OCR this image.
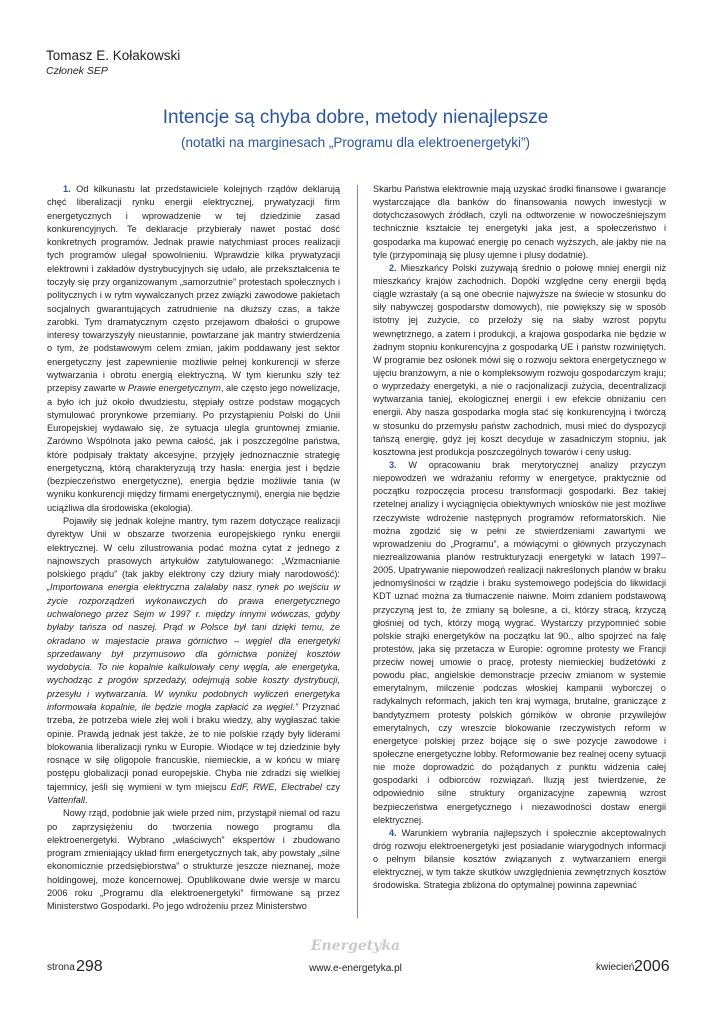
Tomasz E. Kołakowski
Członek SEP
Intencje są chyba dobre, metody nienajlepsze
(notatki na marginesach „Programu dla elektroenergetyki”)

1. Od kilkunastu lat przedstawiciele kolejnych rządów deklarują chęć liberalizacji rynku energii elektrycznej, prywatyzacji firm energetycznych i wprowadzenie w tej dziedzinie zasad konkurencyjnych. Te deklaracje przybierały nawet postać dość konkretnych programów. Jednak prawie natychmiast proces realizacji tych programów ulegał spowolnieniu. Wprawdzie kilka prywatyzacji elektrowni i zakładów dystrybucyjnych się udało, ale przekształcenia te toczyły się przy organizowanym „samorzutnie” protestach społecznych i politycznych i w rytm wywalczanych przez związki zawodowe pakietach socjalnych gwarantujących zatrudnienie na dłuższy czas, a także zarobki. Tym dramatycznym często przejawom dbałości o grupowe interesy towarzyszyły nieustannie, powtarzane jak mantry stwierdzenia o tym, że podstawowym celem zmian, jakim poddawany jest sektor energetyczny jest zapewnienie możliwie pełnej konkurencji w sferze wytwarzania i obrotu energią elektryczną. W tym kierunku szły też przepisy zawarte w Prawie energetycznym, ale często jego nowelizacje, a było ich już około dwudziestu, stępiały ostrze podstaw mogących stymulować prorynkowe przemiany. Po przystąpieniu Polski do Unii Europejskiej wydawało się, że sytuacja ulegla gruntownej zmianie. Zarówno Wspólnota jako pewna całość, jak i poszczególne państwa, które podpisały traktaty akcesyjne, przyjęły jednoznacznie strategię energetyczną, którą charakteryzują trzy hasła: energia jest i będzie (bezpieczeństwo energetyczne), energia będzie możliwie tania (w wyniku konkurencji między firmami energetycznymi), energia nie będzie uciążliwa dla środowiska (ekologia).

Pojawiły się jednak kolejne mantry, tym razem dotyczące realizacji dyrektyw Unii w obszarze tworzenia europejskiego rynku energii elektrycznej. W celu zilustrowania podać można cytat z jednego z najnowszych prasowych artykułów zatytułowanego: „Wzmacnianie polskiego prądu” (tak jakby elektrony czy dziury miały narodowość): „Importowana energia elektryczna zalałaby nasz rynek po wejściu w życie rozporządzeń wykonawczych do prawa energetycznego uchwalonego przez Sejm w 1997 r. między innymi wówczas, gdyby byłaby tańsza od naszej. Prąd w Polsce był tani dzięki temu, że okradano w majestacie prawa górnictwo – węgiel dla energetyki sprzedawany był przymusowo dla górnictwa poniżej kosztów wydobycia. To nie kopalnie kalkulowały ceny węgla, ale energetyka, wychodząc z progów sprzedaży, odejmują sobie koszty dystrybucji, przesyłu i wytwarzania. W wyniku podobnych wyliczeń energetyka informowała kopalnie, ile będzie mogła zapłacić za węgiel.” Przyznać trzeba, że potrzeba wiele złej woli i braku wiedzy, aby wygłaszać takie opinie. Prawdą jednak jest także, że to nie polskie rządy były liderami blokowania liberalizacji rynku w Europie. Wiodące w tej dziedzinie były rosnące w siłę oligopole francuskie, niemieckie, a w końcu w miarę postępu globalizacji ponad europejskie. Chyba nie zdradzi się wielkiej tajemnicy, jeśli się wymieni w tym miejscu EdF, RWE, Electrabel czy Vattenfall.

Nowy rząd, podobnie jak wiele przed nim, przystąpił niemal od razu po zaprzysiężeniu do tworzenia nowego programu dla elektroenergetyki. Wybrano „właściwych” ekspertów i zbudowano program zmieniający układ firm energetycznych tak, aby powstały „silne ekonomicznie przedsiębiorstwa” o strukturze jeszcze nieznanej, może holdingowej, może koncernowej. Opublikowane dwie wersje w marcu 2006 roku „Programu dla elektroenergetyki” firmowane są przez Ministerstwo Gospodarki. Po jego wdrożeniu przez Ministerstwo

Skarbu Państwa elektrownie mają uzyskać środki finansowe i gwarancje wystarczające dla banków do finansowania nowych inwestycji w dotychczasowych źródłach, czyli na odtworzenie w nowocześniejszym technicznie kształcie tej energetyki jaka jest, a społeczeństwo i gospodarka ma kupować energię po cenach wyższych, ale jakby nie na tyle (przypominają się plusy ujemne i plusy dodatnie).

2. Mieszkańcy Polski zużywają średnio o połowę mniej energii niż mieszkańcy krajów zachodnich. Dopóki względne ceny energii będą ciągle wzrastały (a są one obecnie najwyższe na świecie w stosunku do siły nabywczej gospodarstw domowych), nie powiększy się w sposób istotny jej zużycie, co przełoży się na słaby wzrost popytu wewnętrznego, a zatem i produkcji, a krajowa gospodarka nie będzie w żadnym stopniu konkurencyjna z gospodarką UE i państw rozwiniętych. W programie bez osłonek mówi się o rozwoju sektora energetycznego w ujęciu branżowym, a nie o kompleksowym rozwoju gospodarczym kraju; o wyprzedaży energetyki, a nie o racjonalizacji zużycia, decentralizacji wytwarzania taniej, ekologicznej energii i ew efekcie obniżaniu cen energii. Aby nasza gospodarka mogła stać się konkurencyjną i twórczą w stosunku do przemysłu państw zachodnich, musi mieć do dyspozycji tańszą energię, gdyż jej koszt decyduje w zasadniczym stopniu, jak kosztowna jest produkcja poszczególnych towarów i ceny usług.

3. W opracowaniu brak merytorycznej analizy przyczyn niepowodzeń we wdrażaniu reformy w energetyce, praktycznie od początku rozpoczęcia procesu transformacji gospodarki. Bez takiej rzetelnej analizy i wyciągnięcia obiektywnych wniosków nie jest możliwe rzeczywiste wdrożenie następnych programów reformatorskich. Nie można zgodzić się w pełni ze stwierdzeniami zawartymi we wprowadzeniu do „Programu”, a mówiącymi o głównych przyczynach niezrealizowania planów restrukturyzacji energetyki w latach 1997–2005. Upatrywanie niepowodzeń realizacji nakreślonych planów w braku jednomyślności w rządzie i braku systemowego podejścia do likwidacji KDT uznać można za tłumaczenie naiwne. Moim zdaniem podstawową przyczyną jest to, że zmiany są bolesne, a ci, którzy stracą, krzyczą głośniej od tych, którzy mogą wygrać. Wystarczy przypomnieć sobie polskie strajki energetyków na początku lat 90., albo spojrzeć na falę protestów, jaka się przetacza w Europie: ogromne protesty we Francji przeciw nowej umowie o pracę, protesty niemieckiej budżetówki z powodu płac, angielskie demonstracje przeciw zmianom w systemie emerytalnym, milczenie podczas włoskiej kampanii wyborczej o radykalnych reformach, jakich ten kraj wymaga, brutalne, graniczące z bandytyzmem protesty polskich górników w obronie przywilejów emerytalnych, czy wreszcie blokowanie rzeczywistych reform w energetyce polskiej przez bojące się o swe pozycje zawodowe i społeczne energetyczne lobby. Reformowanie bez realnej oceny sytuacji nie może doprowadzić do pożądanych z punktu widzenia całej gospodarki i odbiorców rozwiązań. Iluzją jest twierdzenie, że odpowiednio silne struktury organizacyjne zapewnią wzrost bezpieczeństwa energetycznego i niezawodności dostaw energii elektrycznej.

4. Warunkiem wybrania najlepszych i społecznie akceptowalnych dróg rozwoju elektroenergetyki jest posiadanie wiarygodnych informacji o pełnym bilansie kosztów związanych z wytwarzaniem energii elektrycznej, w tym także skutków uwzględnienia zewnętrznych kosztów środowiska. Strategia zbliżona do optymalnej powinna zapewniać

Energetyka
strona 298	www.e-energetyka.pl	kwiecień 2006
